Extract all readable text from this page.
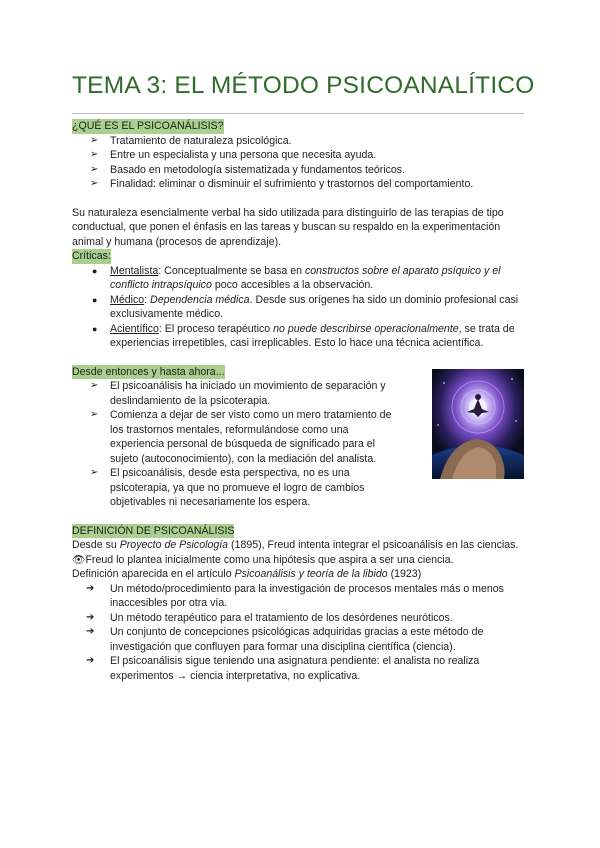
TEMA 3: EL MÉTODO PSICOANALÍTICO
¿QUÉ ES EL PSICOANÁLISIS?
➢ Tratamiento de naturaleza psicológica.
➢ Entre un especialista y una persona que necesita ayuda.
➢ Basado en metodología sistematizada y fundamentos teóricos.
➢ Finalidad: eliminar o disminuir el sufrimiento y trastornos del comportamiento.

Su naturaleza esencialmente verbal ha sido utilizada para distinguirlo de las terapias de tipo conductual, que ponen el énfasis en las tareas y buscan su respaldo en la experimentación animal y humana (procesos de aprendizaje).

Críticas:
● Mentalista: Conceptualmente se basa en constructos sobre el aparato psíquico y el conflicto intrapsíquico poco accesibles a la observación.
● Médico: Dependencia médica. Desde sus orígenes ha sido un dominio profesional casi exclusivamente médico.
● Acientífico: El proceso terapéutico no puede describirse operacionalmente, se trata de experiencias irrepetibles, casi irreplicables. Esto lo hace una técnica acientífica.
Desde entonces y hasta ahora...
➢ El psicoanálisis ha iniciado un movimiento de separación y deslindamiento de la psicoterapia.
➢ Comienza a dejar de ser visto como un mero tratamiento de los trastornos mentales, reformulándose como una experiencia personal de búsqueda de significado para el sujeto (autoconocimiento), con la mediación del analista.
➢ El psicoanálisis, desde esta perspectiva, no es una psicoterapia, ya que no promueve el logro de cambios objetivables ni necesariamente los espera.
DEFINICIÓN DE PSICOANÁLISIS

Desde su Proyecto de Psicología (1895), Freud intenta integrar el psicoanálisis en las ciencias. 👁Freud lo plantea inicialmente como una hipótesis que aspira a ser una ciencia.

Definición aparecida en el artículo Psicoanálisis y teoría de la libido (1923)

➔ Un método/procedimiento para la investigación de procesos mentales más o menos inaccesibles por otra vía.
➔ Un método terapéutico para el tratamiento de los desórdenes neuróticos.
➔ Un conjunto de concepciones psicológicas adquiridas gracias a este método de investigación que confluyen para formar una disciplina científica (ciencia).
➔ El psicoanálisis sigue teniendo una asignatura pendiente: el analista no realiza experimentos → ciencia interpretativa, no explicativa.
